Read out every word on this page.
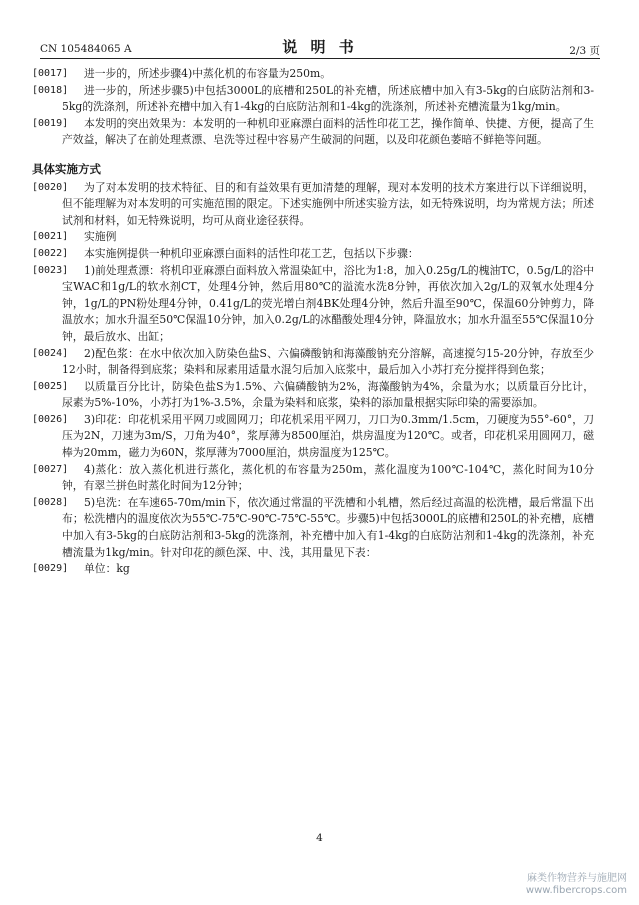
CN 105484065 A	说 明 书	2/3 页
[0017]	进一步的，所述步骤4)中蒸化机的布容量为250m。
[0018]	进一步的，所述步骤5)中包括3000L的底槽和250L的补充槽，所述底槽中加入有3-5kg的白底防沾剂和3-5kg的洗涤剂，所述补充槽中加入有1-4kg的白底防沾剂和1-4kg的洗涤剂，所述补充槽流量为1kg/min。
[0019]	本发明的突出效果为：本发明的一种机印亚麻漂白面料的活性印花工艺，操作简单、快捷、方便，提高了生产效益，解决了在前处理煮漂、皂洗等过程中容易产生破洞的问题，以及印花颜色萎暗不鲜艳等问题。
具体实施方式
[0020]	为了对本发明的技术特征、目的和有益效果有更加清楚的理解，现对本发明的技术方案进行以下详细说明，但不能理解为对本发明的可实施范围的限定。下述实施例中所述实验方法，如无特殊说明，均为常规方法；所述试剂和材料，如无特殊说明，均可从商业途径获得。
[0021]	实施例
[0022]	本实施例提供一种机印亚麻漂白面料的活性印花工艺，包括以下步骤：
[0023]	1)前处理煮漂：将机印亚麻漂白面料放入常温染缸中，浴比为1:8，加入0.25g/L的槐油TC，0.5g/L的浴中宝WAC和1g/L的软水剂CT，处理4分钟，然后用80℃的溢流水洗8分钟，再依次加入2g/L的双氧水处理4分钟，1g/L的PN粉处理4分钟，0.41g/L的荧光增白剂4BK处理4分钟，然后升温至90℃，保温60分钟剪力，降温放水；加水升温至50℃保温10分钟，加入0.2g/L的冰醋酸处理4分钟，降温放水；加水升温至55℃保温10分钟，最后放水、出缸；
[0024]	2)配色浆：在水中依次加入防染色盐S、六偏磷酸钠和海藻酸钠充分溶解，高速搅匀15-20分钟，存放至少12小时，制备得到底浆；染料和尿素用适量水混匀后加入底浆中，最后加入小苏打充分搅拌得到色浆；
[0025]	以质量百分比计，防染色盐S为1.5%、六偏磷酸钠为2%，海藻酸钠为4%，余量为水；以质量百分比计，尿素为5%-10%，小苏打为1%-3.5%，余量为染料和底浆，染料的添加量根据实际印染的需要添加。
[0026]	3)印花：印花机采用平网刀或圆网刀；印花机采用平网刀，刀口为0.3mm/1.5cm，刀硬度为55°-60°，刀压为2N，刀速为3m/S，刀角为40°，浆厚薄为8500厘泊，烘房温度为120℃。或者，印花机采用圆网刀，磁棒为20mm，磁力为60N，浆厚薄为7000厘泊，烘房温度为125℃。
[0027]	4)蒸化：放入蒸化机进行蒸化，蒸化机的布容量为250m，蒸化温度为100℃-104℃，蒸化时间为10分钟，有翠兰拼色时蒸化时间为12分钟；
[0028]	5)皂洗：在车速65-70m/min下，依次通过常温的平洗槽和小轧槽，然后经过高温的松洗槽，最后常温下出布；松洗槽内的温度依次为55℃-75℃-90℃-75℃-55℃。步骤5)中包括3000L的底槽和250L的补充槽，底槽中加入有3-5kg的白底防沾剂和3-5kg的洗涤剂，补充槽中加入有1-4kg的白底防沾剂和1-4kg的洗涤剂，补充槽流量为1kg/min。针对印花的颜色深、中、浅，其用量见下表：
[0029]	单位：kg
4
麻类作物营养与施肥网
www.fibercrops.com
